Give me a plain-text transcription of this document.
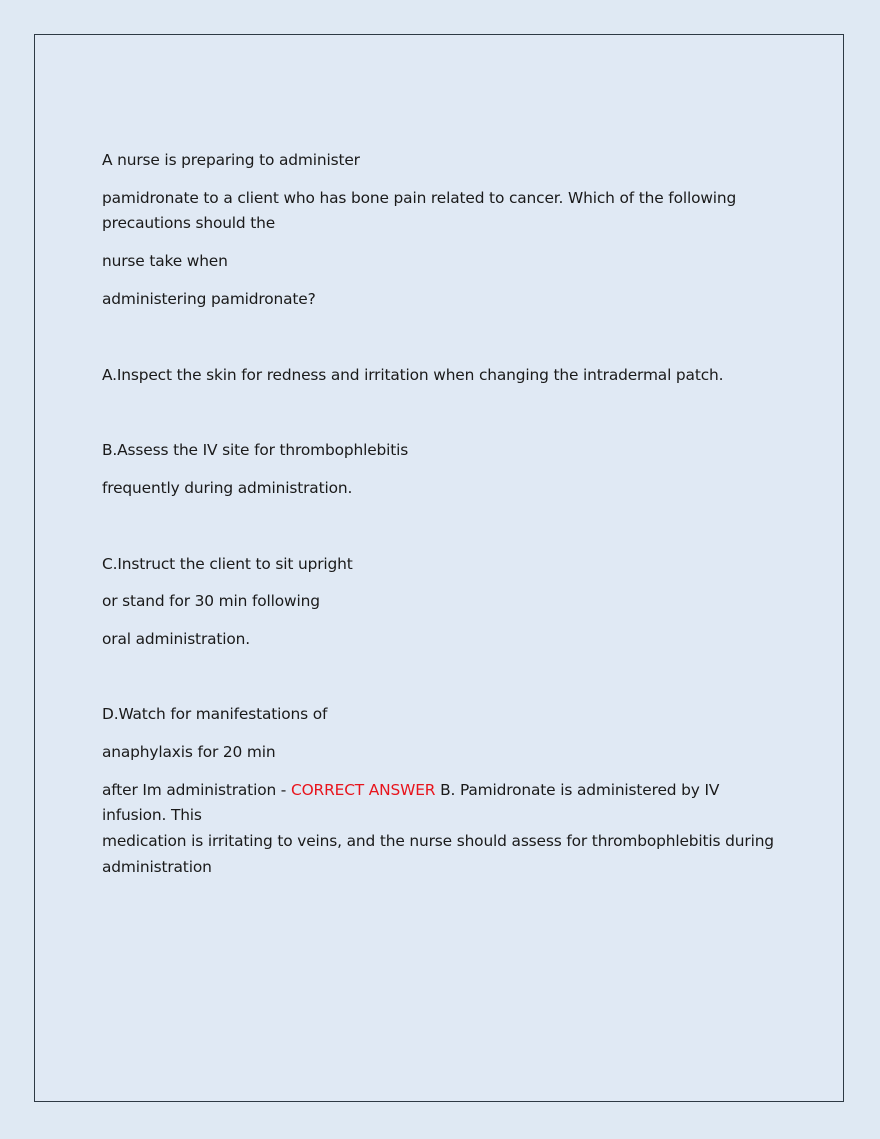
A nurse is preparing to administer
pamidronate to a client who has bone pain related to cancer. Which of the following
precautions should the
nurse take when
administering pamidronate?
A.Inspect the skin for redness and irritation when changing the intradermal patch.
B.Assess the IV site for thrombophlebitis
frequently during administration.
C.Instruct the client to sit upright
or stand for 30 min following
oral administration.
D.Watch for manifestations of
anaphylaxis for 20 min
after Im administration - CORRECT ANSWER B. Pamidronate is administered by IV
infusion. This
medication is irritating to veins, and the nurse should assess for thrombophlebitis during
administration
